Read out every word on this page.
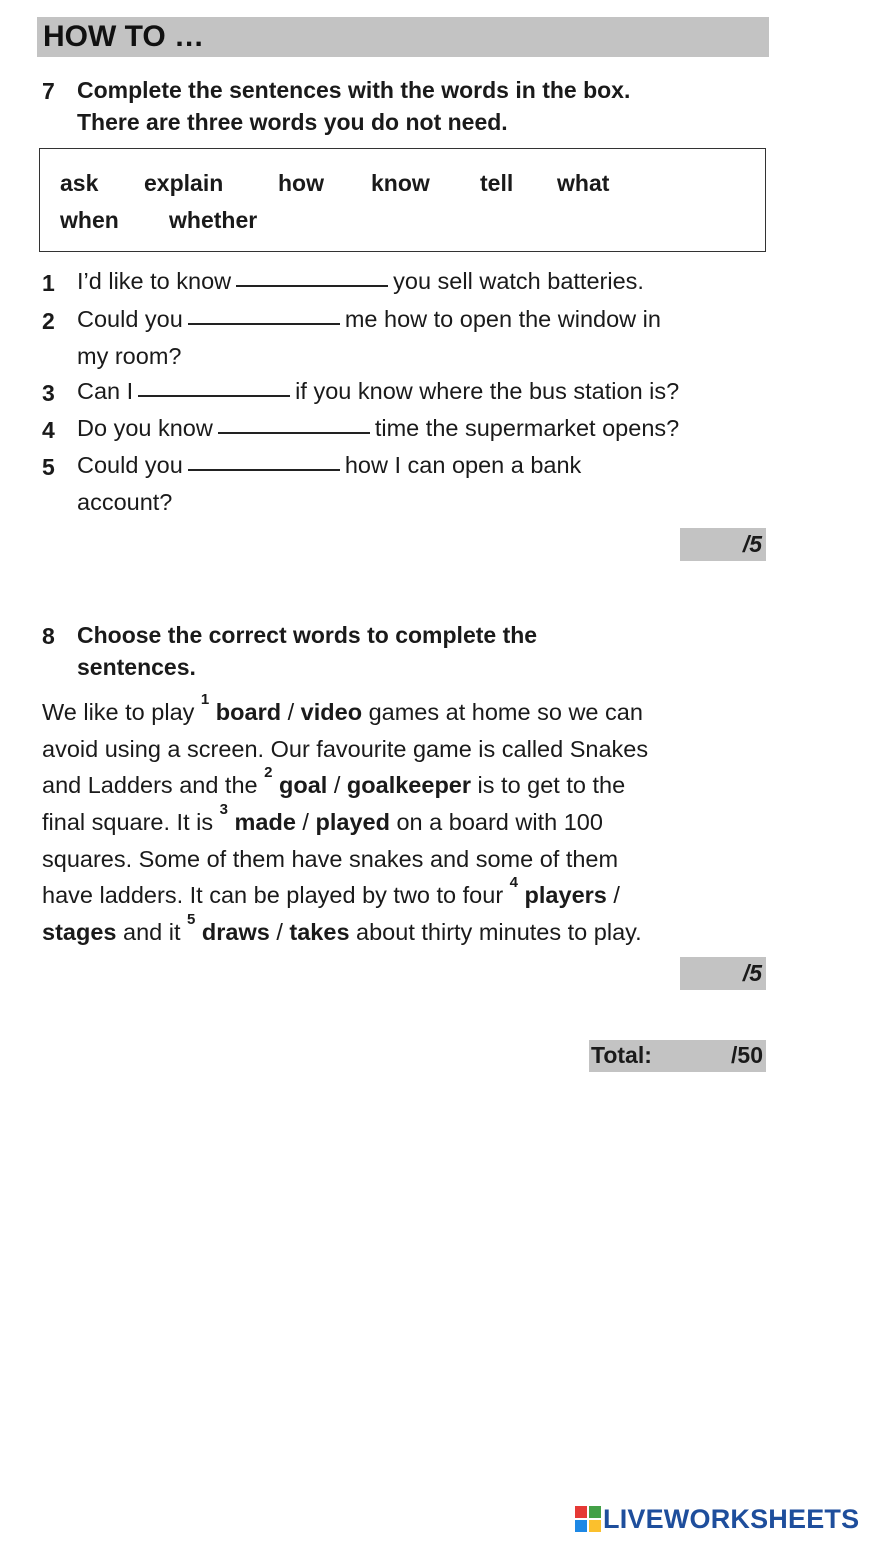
HOW TO …
7 Complete the sentences with the words in the box.
There are three words you do not need.
ask explain how know tell what
when whether
1 I’d like to know	you sell watch batteries.
2 Could you	me how to open the window in
my room?
3 Can I	if you know where the bus station is?
4 Do you know	time the supermarket opens?
5 Could you	how I can open a bank
account?
/5
8 Choose the correct words to complete the
sentences.
We like to play $^1$ board / video games at home so we can
avoid using a screen. Our favourite game is called Snakes
and Ladders and the $^2$ goal / goalkeeper is to get to the
final square. It is $^3$ made / played on a board with 100
squares. Some of them have snakes and some of them
have ladders. It can be played by two to four $^4$ players /
stages and it $^5$ draws / takes about thirty minutes to play.
/5
Total:	/50
LIVEWORKSHEETS
